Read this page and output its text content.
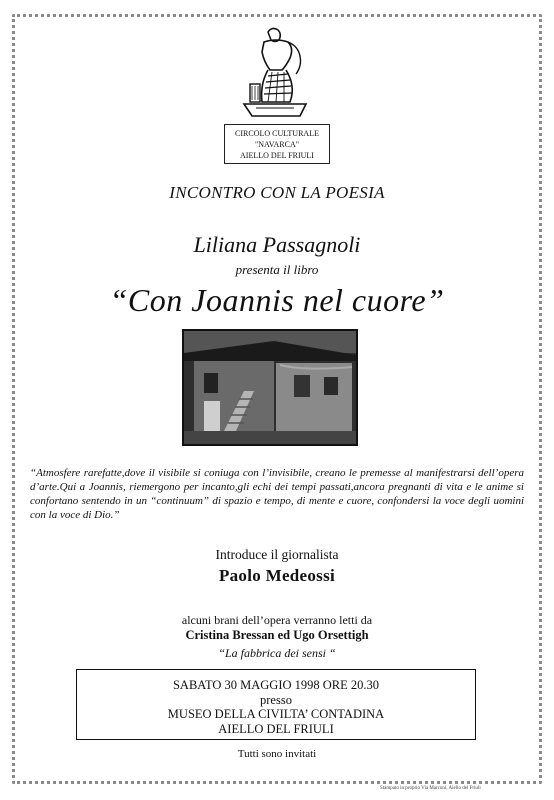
CIRCOLO CULTURALE
"NAVARCA"
AIELLO DEL FRIULI
INCONTRO CON LA POESIA
Liliana Passagnoli
presenta il libro
“Con Joannis nel cuore”
“Atmosfere rarefatte,dove il visibile si coniuga con l’invisibile, creano le premesse al manifestrarsi dell’opera d’arte.Qui a Joannis, riemergono per incanto,gli echi dei tempi passati,ancora pregnanti di vita e le anime si confortano sentendo in un “continuum” di spazio e tempo, di mente e cuore, confondersi la voce degli uomini con la voce di Dio.”
Introduce il giornalista
Paolo Medeossi
alcuni brani dell’opera verranno letti da
Cristina Bressan ed Ugo Orsettigh
“La fabbrica dei sensi “
SABATO 30 MAGGIO 1998 ORE 20.30
presso
MUSEO DELLA CIVILTA’ CONTADINA
AIELLO DEL FRIULI
Tutti sono invitati
Stampato in proprio Via Marconi, Aiello del Friuli
